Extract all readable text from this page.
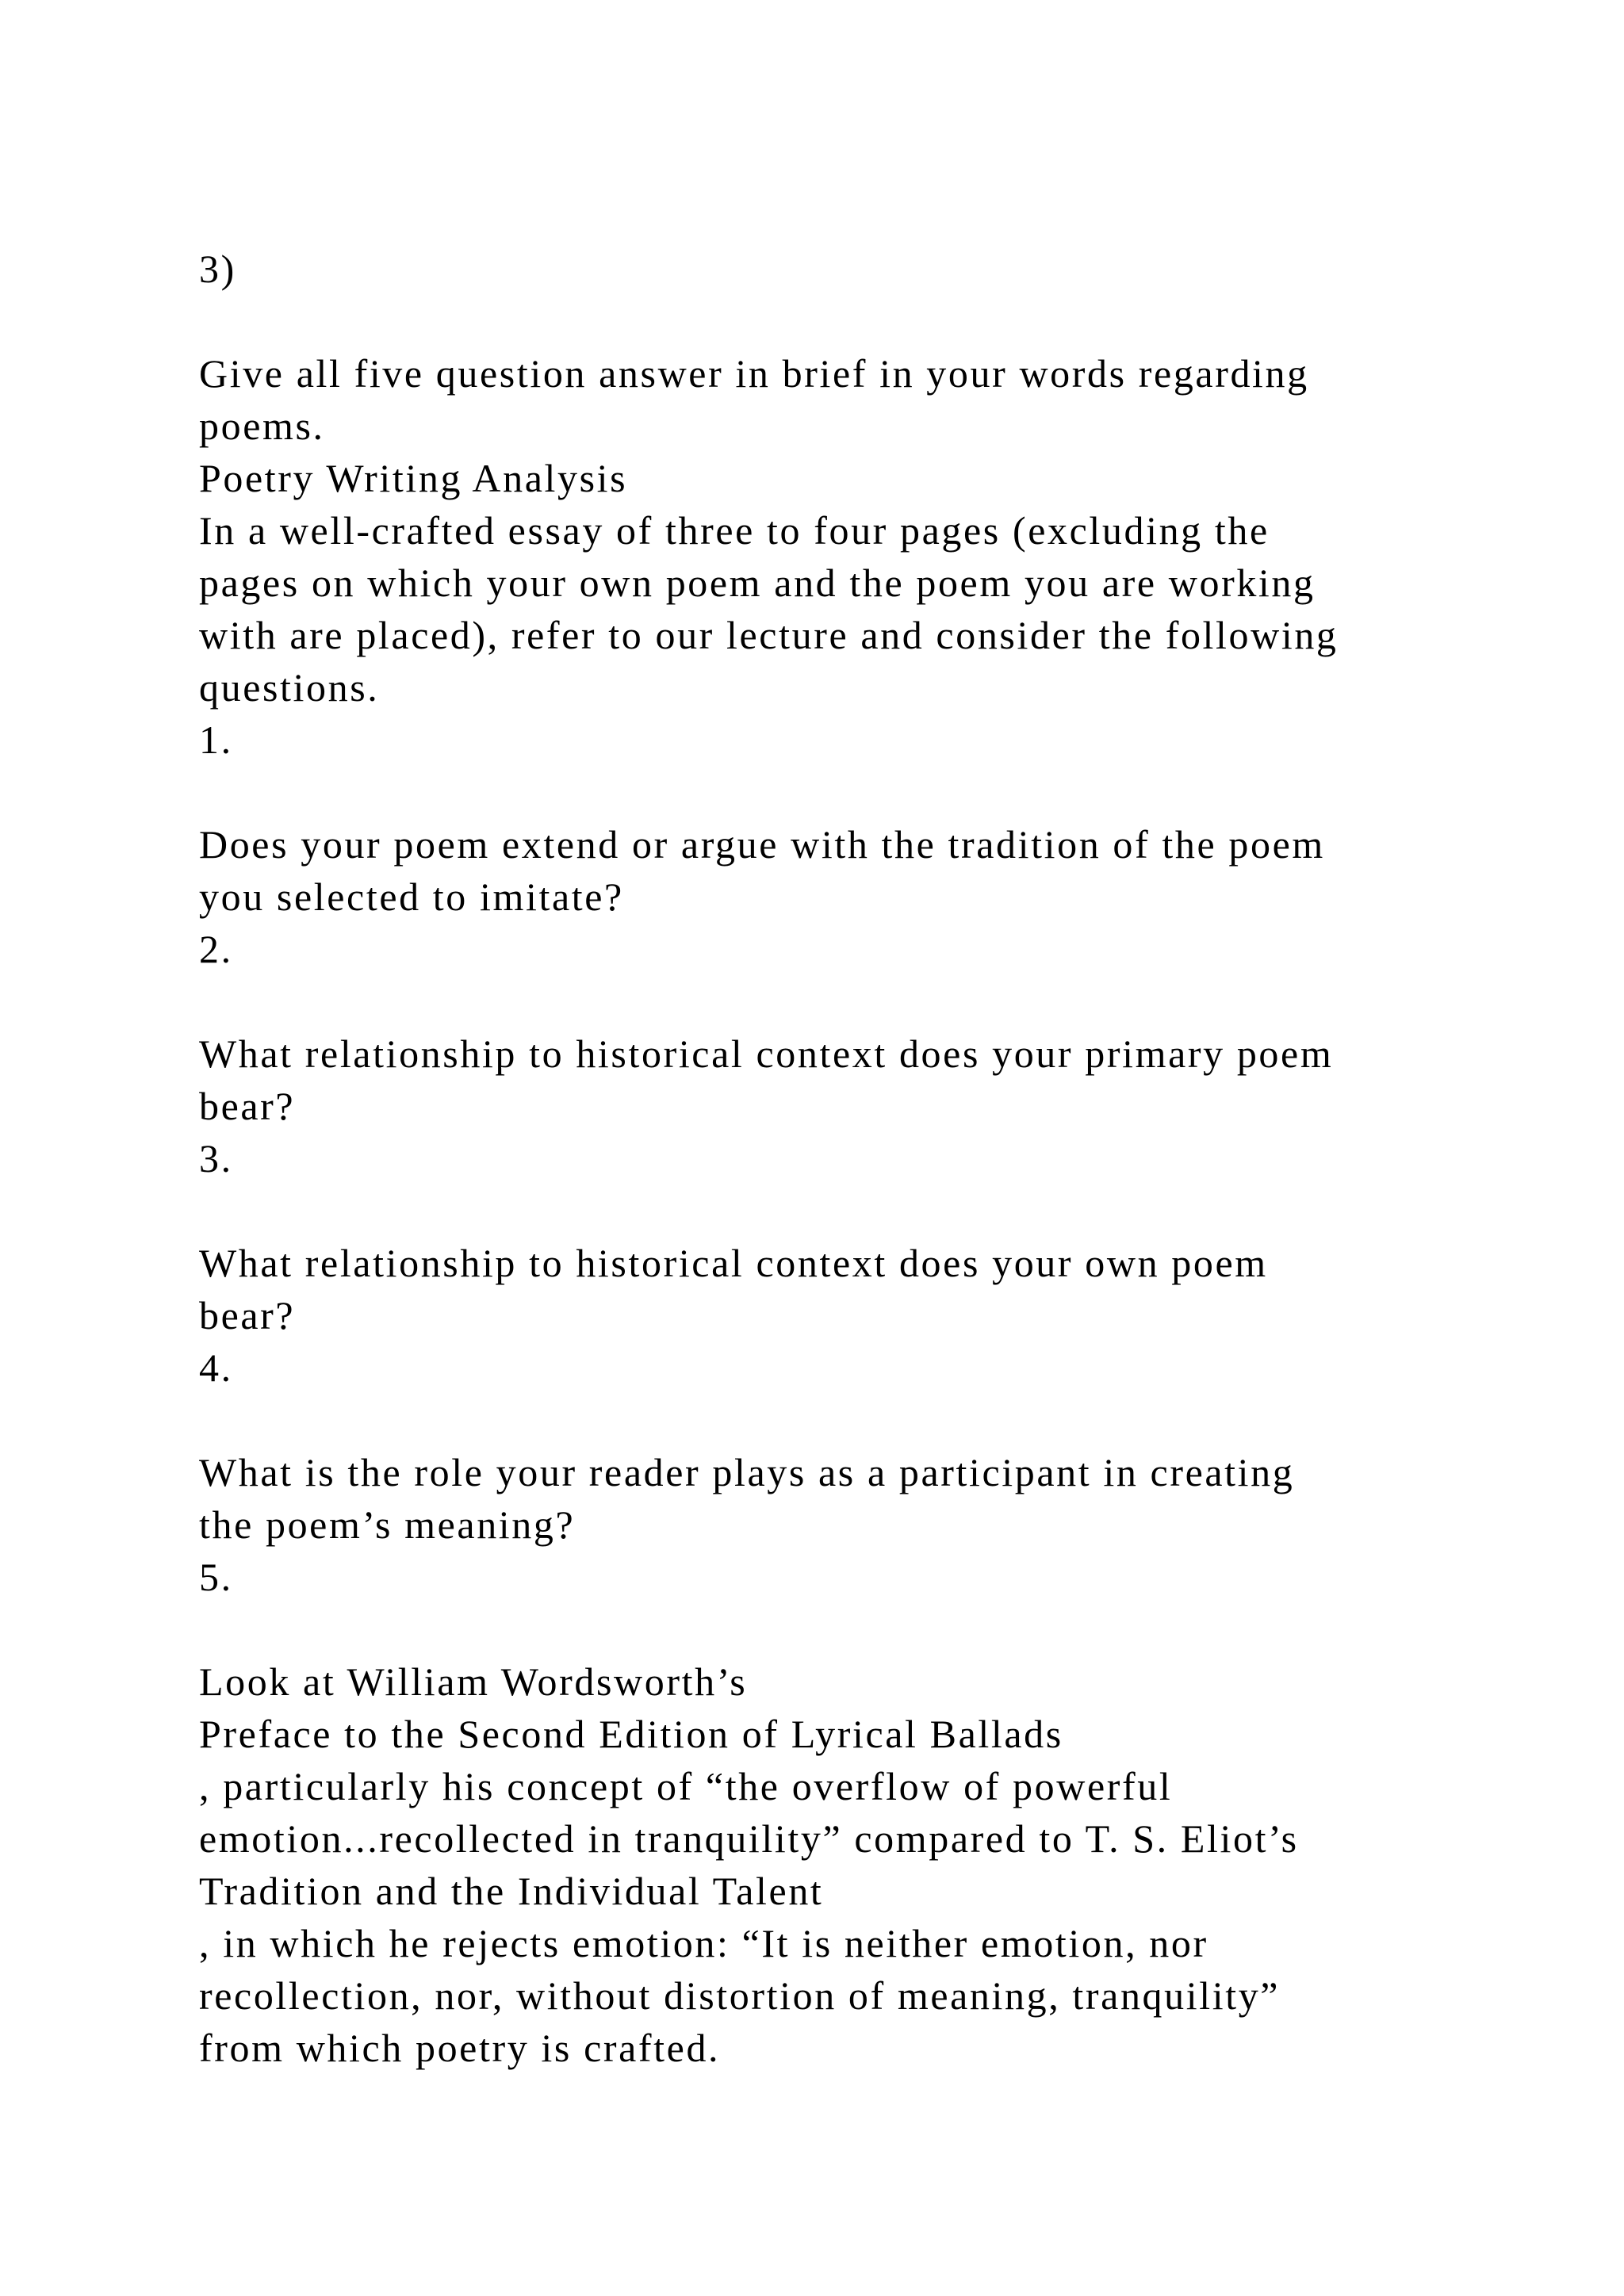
3)
Give all five question answer in brief in your words regarding
poems.
Poetry Writing Analysis
In a well-crafted essay of three to four pages (excluding the
pages on which your own poem and the poem you are working
with are placed), refer to our lecture and consider the following
questions.
1.
Does your poem extend or argue with the tradition of the poem
you selected to imitate?
2.
What relationship to historical context does your primary poem
bear?
3.
What relationship to historical context does your own poem
bear?
4.
What is the role your reader plays as a participant in creating
the poem’s meaning?
5.
Look at William Wordsworth’s
Preface to the Second Edition of Lyrical Ballads
, particularly his concept of “the overflow of powerful
emotion...recollected in tranquility” compared to T. S. Eliot’s
Tradition and the Individual Talent
, in which he rejects emotion: “It is neither emotion, nor
recollection, nor, without distortion of meaning, tranquility”
from which poetry is crafted.
